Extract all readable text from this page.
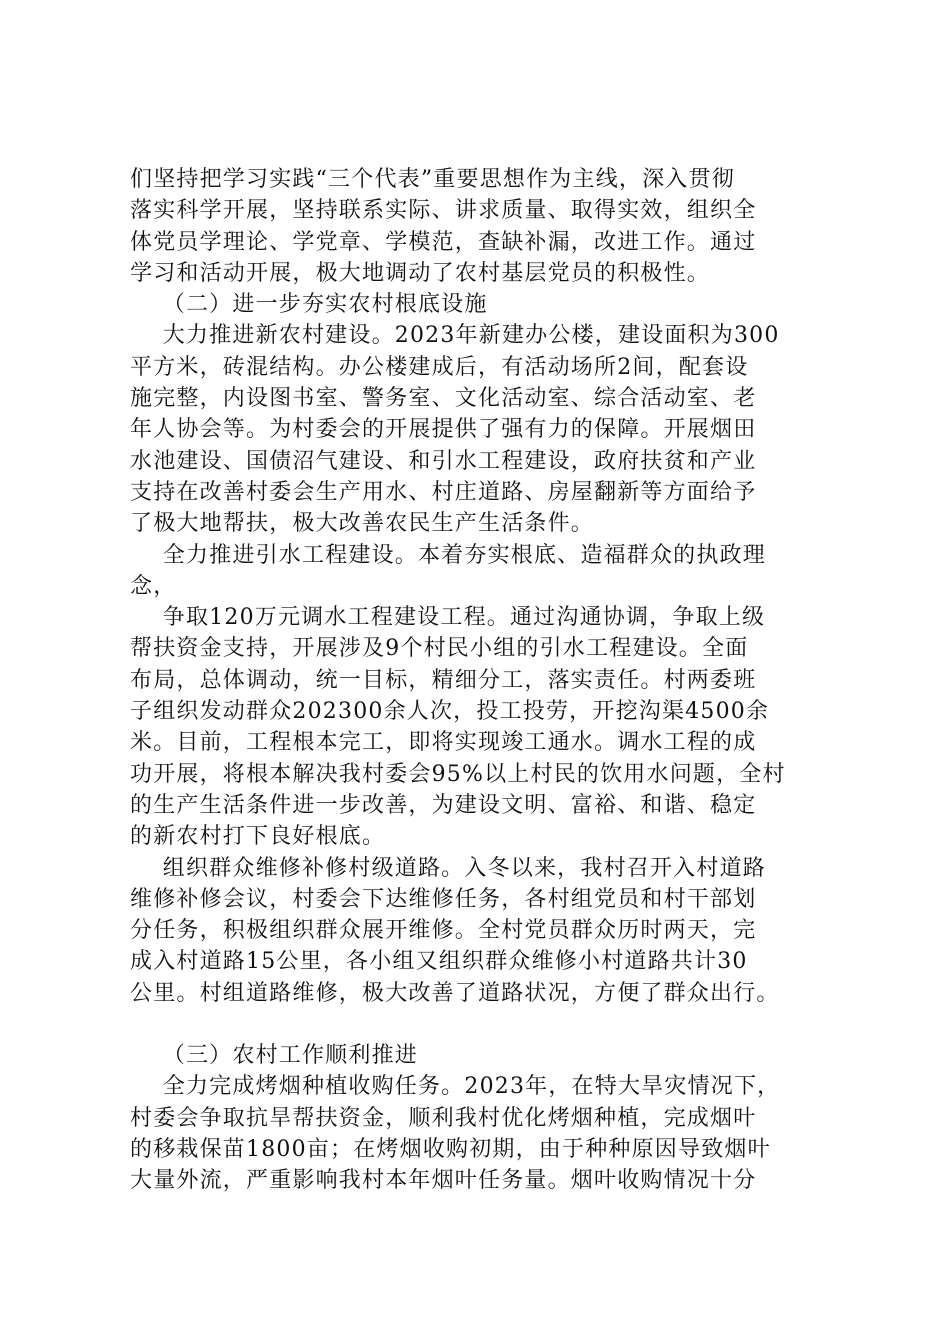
们坚持把学习实践“三个代表”重要思想作为主线，深入贯彻

落实科学开展，坚持联系实际、讲求质量、取得实效，组织全

体党员学理论、学党章、学模范，查缺补漏，改进工作。通过

学习和活动开展，极大地调动了农村基层党员的积极性。

（二）进一步夯实农村根底设施

大力推进新农村建设。2023年新建办公楼，建设面积为300

平方米，砖混结构。办公楼建成后，有活动场所2间，配套设

施完整，内设图书室、警务室、文化活动室、综合活动室、老

年人协会等。为村委会的开展提供了强有力的保障。开展烟田

水池建设、国债沼气建设、和引水工程建设，政府扶贫和产业

支持在改善村委会生产用水、村庄道路、房屋翻新等方面给予

了极大地帮扶，极大改善农民生产生活条件。

全力推进引水工程建设。本着夯实根底、造福群众的执政理

念，

争取120万元调水工程建设工程。通过沟通协调，争取上级

帮扶资金支持，开展涉及9个村民小组的引水工程建设。全面

布局，总体调动，统一目标，精细分工，落实责任。村两委班

子组织发动群众202300余人次，投工投劳，开挖沟渠4500余

米。目前，工程根本完工，即将实现竣工通水。调水工程的成

功开展，将根本解决我村委会95%以上村民的饮用水问题，全村

的生产生活条件进一步改善，为建设文明、富裕、和谐、稳定

的新农村打下良好根底。

组织群众维修补修村级道路。入冬以来，我村召开入村道路

维修补修会议，村委会下达维修任务，各村组党员和村干部划

分任务，积极组织群众展开维修。全村党员群众历时两天，完

成入村道路15公里，各小组又组织群众维修小村道路共计30

公里。村组道路维修，极大改善了道路状况，方便了群众出行。

（三）农村工作顺利推进

全力完成烤烟种植收购任务。2023年，在特大旱灾情况下，

村委会争取抗旱帮扶资金，顺利我村优化烤烟种植，完成烟叶

的移栽保苗1800亩；在烤烟收购初期，由于种种原因导致烟叶

大量外流，严重影响我村本年烟叶任务量。烟叶收购情况十分
